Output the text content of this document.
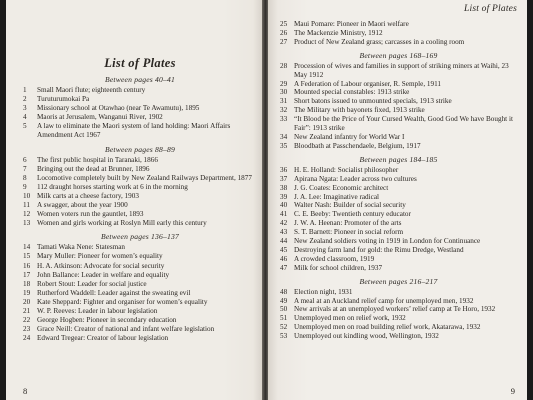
List of Plates
Between pages 40–41
1	Small Maori flute; eighteenth century
2	Turuturumokai Pa
3	Missionary school at Otawhao (near Te Awamutu), 1895
4	Maoris at Jerusalem, Wanganui River, 1902
5	A law to eliminate the Maori system of land holding: Maori Affairs Amendment Act 1967
Between pages 88–89
6	The first public hospital in Taranaki, 1866
7	Bringing out the dead at Brunner, 1896
8	Locomotive completely built by New Zealand Railways Department, 1877
9	112 draught horses starting work at 6 in the morning
10 Milk carts at a cheese factory, 1903
11 A swagger, about the year 1900
12 Women voters run the gauntlet, 1893
13 Women and girls working at Roslyn Mill early this century
Between pages 136–137
14 Tamati Waka Nene: Statesman
15 Mary Muller: Pioneer for women’s equality
16 H. A. Atkinson: Advocate for social security
17 John Ballance: Leader in welfare and equality
18 Robert Stout: Leader for social justice
19 Rutherford Waddell: Leader against the sweating evil
20 Kate Sheppard: Fighter and organiser for women’s equality
21 W. P. Reeves: Leader in labour legislation
22 George Hogben: Pioneer in secondary education
23 Grace Neill: Creator of national and infant welfare legislation
24 Edward Tregear: Creator of labour legislation
8
List of Plates
25 Maui Pomare: Pioneer in Maori welfare
26 The Mackenzie Ministry, 1912
27 Product of New Zealand grass; carcasses in a cooling room
Between pages 168–169
28 Procession of wives and families in support of striking miners at Waihi, 23 May 1912
29 A Federation of Labour organiser, R. Semple, 1911
30 Mounted special constables: 1913 strike
31 Short batons issued to unmounted specials, 1913 strike
32 The Military with bayonets fixed, 1913 strike
33 “It Blood be the Price of Your Cursed Wealth, Good God We have Bought it Fair”: 1913 strike
34 New Zealand infantry for World War I
35 Bloodbath at Passchendaele, Belgium, 1917
Between pages 184–185
36 H. E. Holland: Socialist philosopher
37 Apirana Ngata: Leader across two cultures
38 J. G. Coates: Economic architect
39 J. A. Lee: Imaginative radical
40 Walter Nash: Builder of social security
41 C. E. Beeby: Twentieth century educator
42 J. W. A. Heenan: Promoter of the arts
43 S. T. Barnett: Pioneer in social reform
44 New Zealand soldiers voting in 1919 in London for Continuance
45 Destroying farm land for gold: the Rimu Dredge, Westland
46 A crowded classroom, 1919
47 Milk for school children, 1937
Between pages 216–217
48 Election night, 1931
49 A meal at an Auckland relief camp for unemployed men, 1932
50 New arrivals at an unemployed workers’ relief camp at Te Horo, 1932
51 Unemployed men on relief work, 1932
52 Unemployed men on road building relief work, Akatarawa, 1932
53 Unemployed out kindling wood, Wellington, 1932
9
